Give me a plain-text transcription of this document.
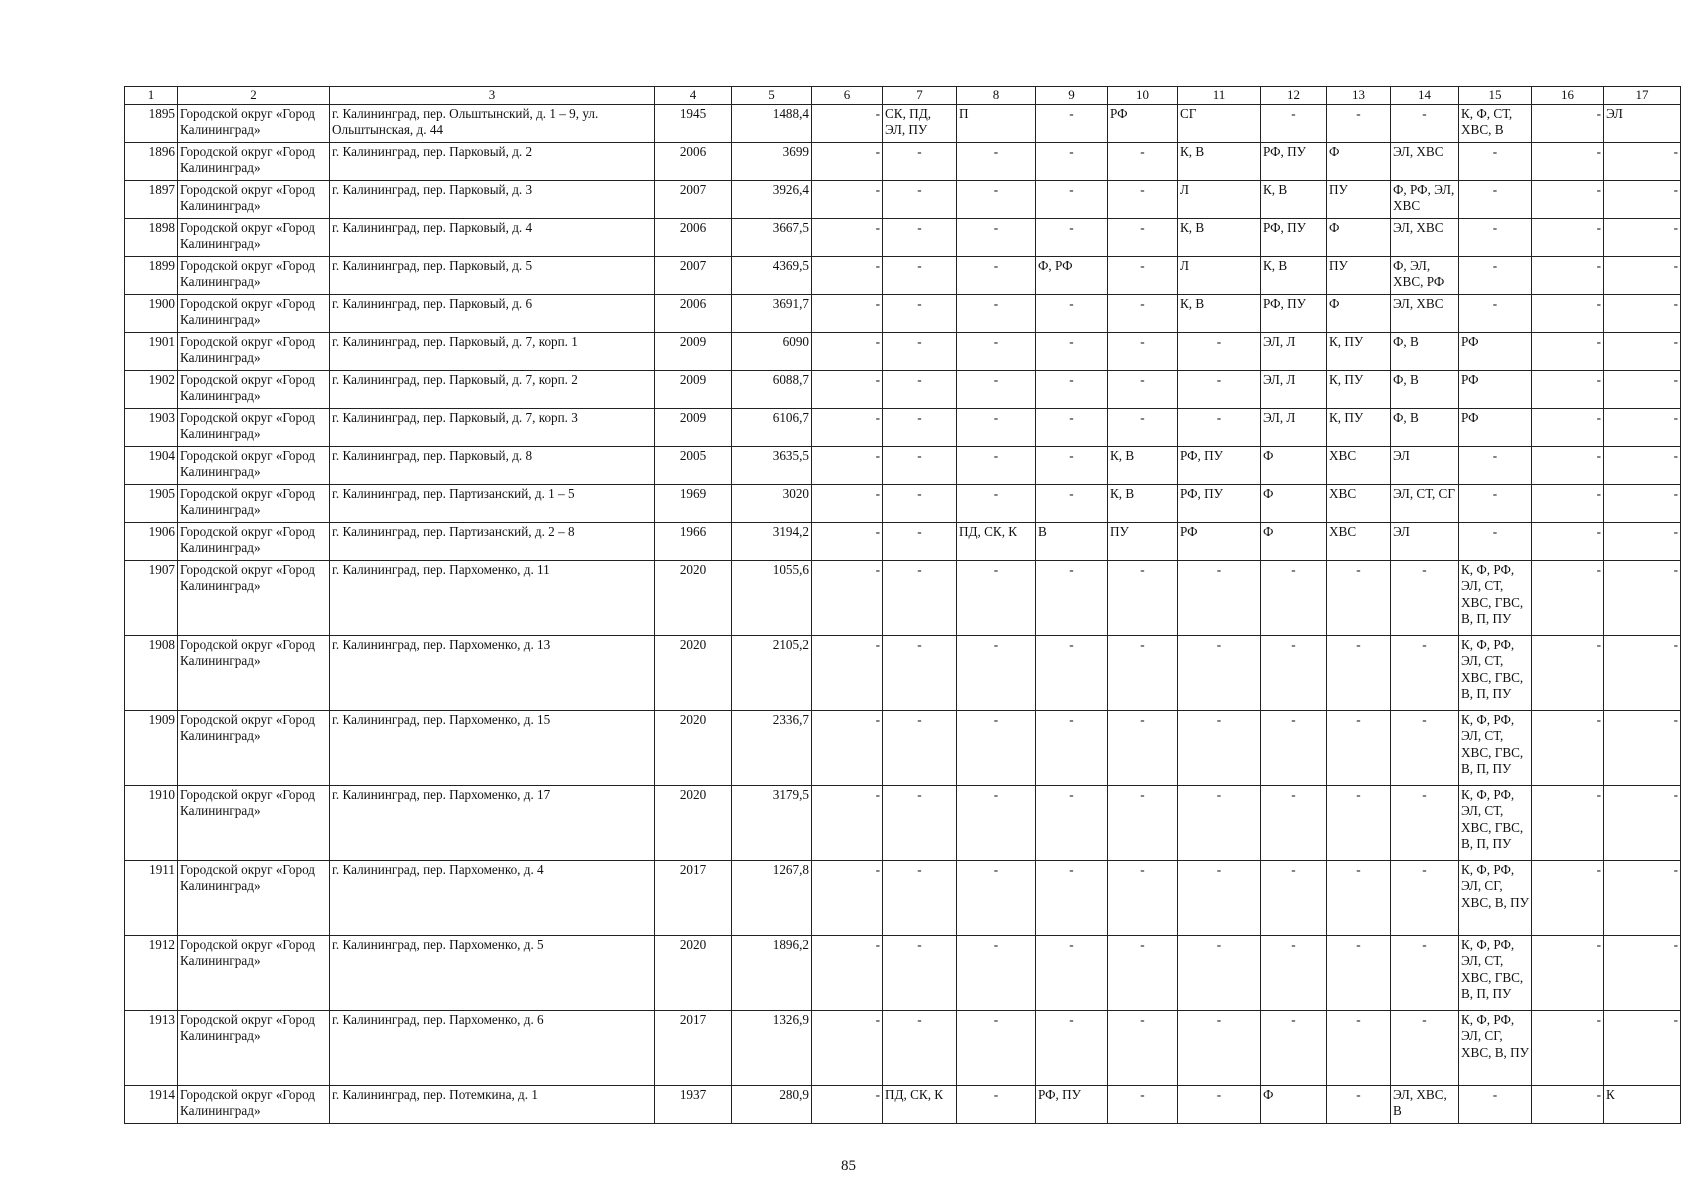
1	2	3	4	5	6	7	8	9	10	11	12	13	14	15	16	17
1895	Городской округ «Город Калининград»	г. Калининград, пер. Ольштынский, д. 1 – 9, ул. Ольштынская, д. 44	1945	1488,4	-	СК, ПД, ЭЛ, ПУ	П	-	РФ	СГ	-	-	-	К, Ф, СТ, ХВС, В	-	ЭЛ
1896	Городской округ «Город Калининград»	г. Калининград, пер. Парковый, д. 2	2006	3699	-	-	-	-	-	К, В	РФ, ПУ	Ф	ЭЛ, ХВС	-	-	-
1897	Городской округ «Город Калининград»	г. Калининград, пер. Парковый, д. 3	2007	3926,4	-	-	-	-	-	Л	К, В	ПУ	Ф, РФ, ЭЛ, ХВС	-	-	-
1898	Городской округ «Город Калининград»	г. Калининград, пер. Парковый, д. 4	2006	3667,5	-	-	-	-	-	К, В	РФ, ПУ	Ф	ЭЛ, ХВС	-	-	-
1899	Городской округ «Город Калининград»	г. Калининград, пер. Парковый, д. 5	2007	4369,5	-	-	-	Ф, РФ	-	Л	К, В	ПУ	Ф, ЭЛ, ХВС, РФ	-	-	-
1900	Городской округ «Город Калининград»	г. Калининград, пер. Парковый, д. 6	2006	3691,7	-	-	-	-	-	К, В	РФ, ПУ	Ф	ЭЛ, ХВС	-	-	-
1901	Городской округ «Город Калининград»	г. Калининград, пер. Парковый, д. 7, корп. 1	2009	6090	-	-	-	-	-	-	ЭЛ, Л	К, ПУ	Ф, В	РФ	-	-
1902	Городской округ «Город Калининград»	г. Калининград, пер. Парковый, д. 7, корп. 2	2009	6088,7	-	-	-	-	-	-	ЭЛ, Л	К, ПУ	Ф, В	РФ	-	-
1903	Городской округ «Город Калининград»	г. Калининград, пер. Парковый, д. 7, корп. 3	2009	6106,7	-	-	-	-	-	-	ЭЛ, Л	К, ПУ	Ф, В	РФ	-	-
1904	Городской округ «Город Калининград»	г. Калининград, пер. Парковый, д. 8	2005	3635,5	-	-	-	-	К, В	РФ, ПУ	Ф	ХВС	ЭЛ	-	-	-
1905	Городской округ «Город Калининград»	г. Калининград, пер. Партизанский, д. 1 – 5	1969	3020	-	-	-	-	К, В	РФ, ПУ	Ф	ХВС	ЭЛ, СТ, СГ	-	-	-
1906	Городской округ «Город Калининград»	г. Калининград, пер. Партизанский, д. 2 – 8	1966	3194,2	-	-	ПД, СК, К	В	ПУ	РФ	Ф	ХВС	ЭЛ	-	-	-
1907	Городской округ «Город Калининград»	г. Калининград, пер. Пархоменко, д. 11	2020	1055,6	-	-	-	-	-	-	-	-	-	К, Ф, РФ, ЭЛ, СТ, ХВС, ГВС, В, П, ПУ	-	-
1908	Городской округ «Город Калининград»	г. Калининград, пер. Пархоменко, д. 13	2020	2105,2	-	-	-	-	-	-	-	-	-	К, Ф, РФ, ЭЛ, СТ, ХВС, ГВС, В, П, ПУ	-	-
1909	Городской округ «Город Калининград»	г. Калининград, пер. Пархоменко, д. 15	2020	2336,7	-	-	-	-	-	-	-	-	-	К, Ф, РФ, ЭЛ, СТ, ХВС, ГВС, В, П, ПУ	-	-
1910	Городской округ «Город Калининград»	г. Калининград, пер. Пархоменко, д. 17	2020	3179,5	-	-	-	-	-	-	-	-	-	К, Ф, РФ, ЭЛ, СТ, ХВС, ГВС, В, П, ПУ	-	-
1911	Городской округ «Город Калининград»	г. Калининград, пер. Пархоменко, д. 4	2017	1267,8	-	-	-	-	-	-	-	-	-	К, Ф, РФ, ЭЛ, СГ, ХВС, В, ПУ	-	-
1912	Городской округ «Город Калининград»	г. Калининград, пер. Пархоменко, д. 5	2020	1896,2	-	-	-	-	-	-	-	-	-	К, Ф, РФ, ЭЛ, СТ, ХВС, ГВС, В, П, ПУ	-	-
1913	Городской округ «Город Калининград»	г. Калининград, пер. Пархоменко, д. 6	2017	1326,9	-	-	-	-	-	-	-	-	-	К, Ф, РФ, ЭЛ, СГ, ХВС, В, ПУ	-	-
1914	Городской округ «Город Калининград»	г. Калининград, пер. Потемкина, д. 1	1937	280,9	-	ПД, СК, К	-	РФ, ПУ	-	-	Ф	-	ЭЛ, ХВС, В	-	-	К
85
